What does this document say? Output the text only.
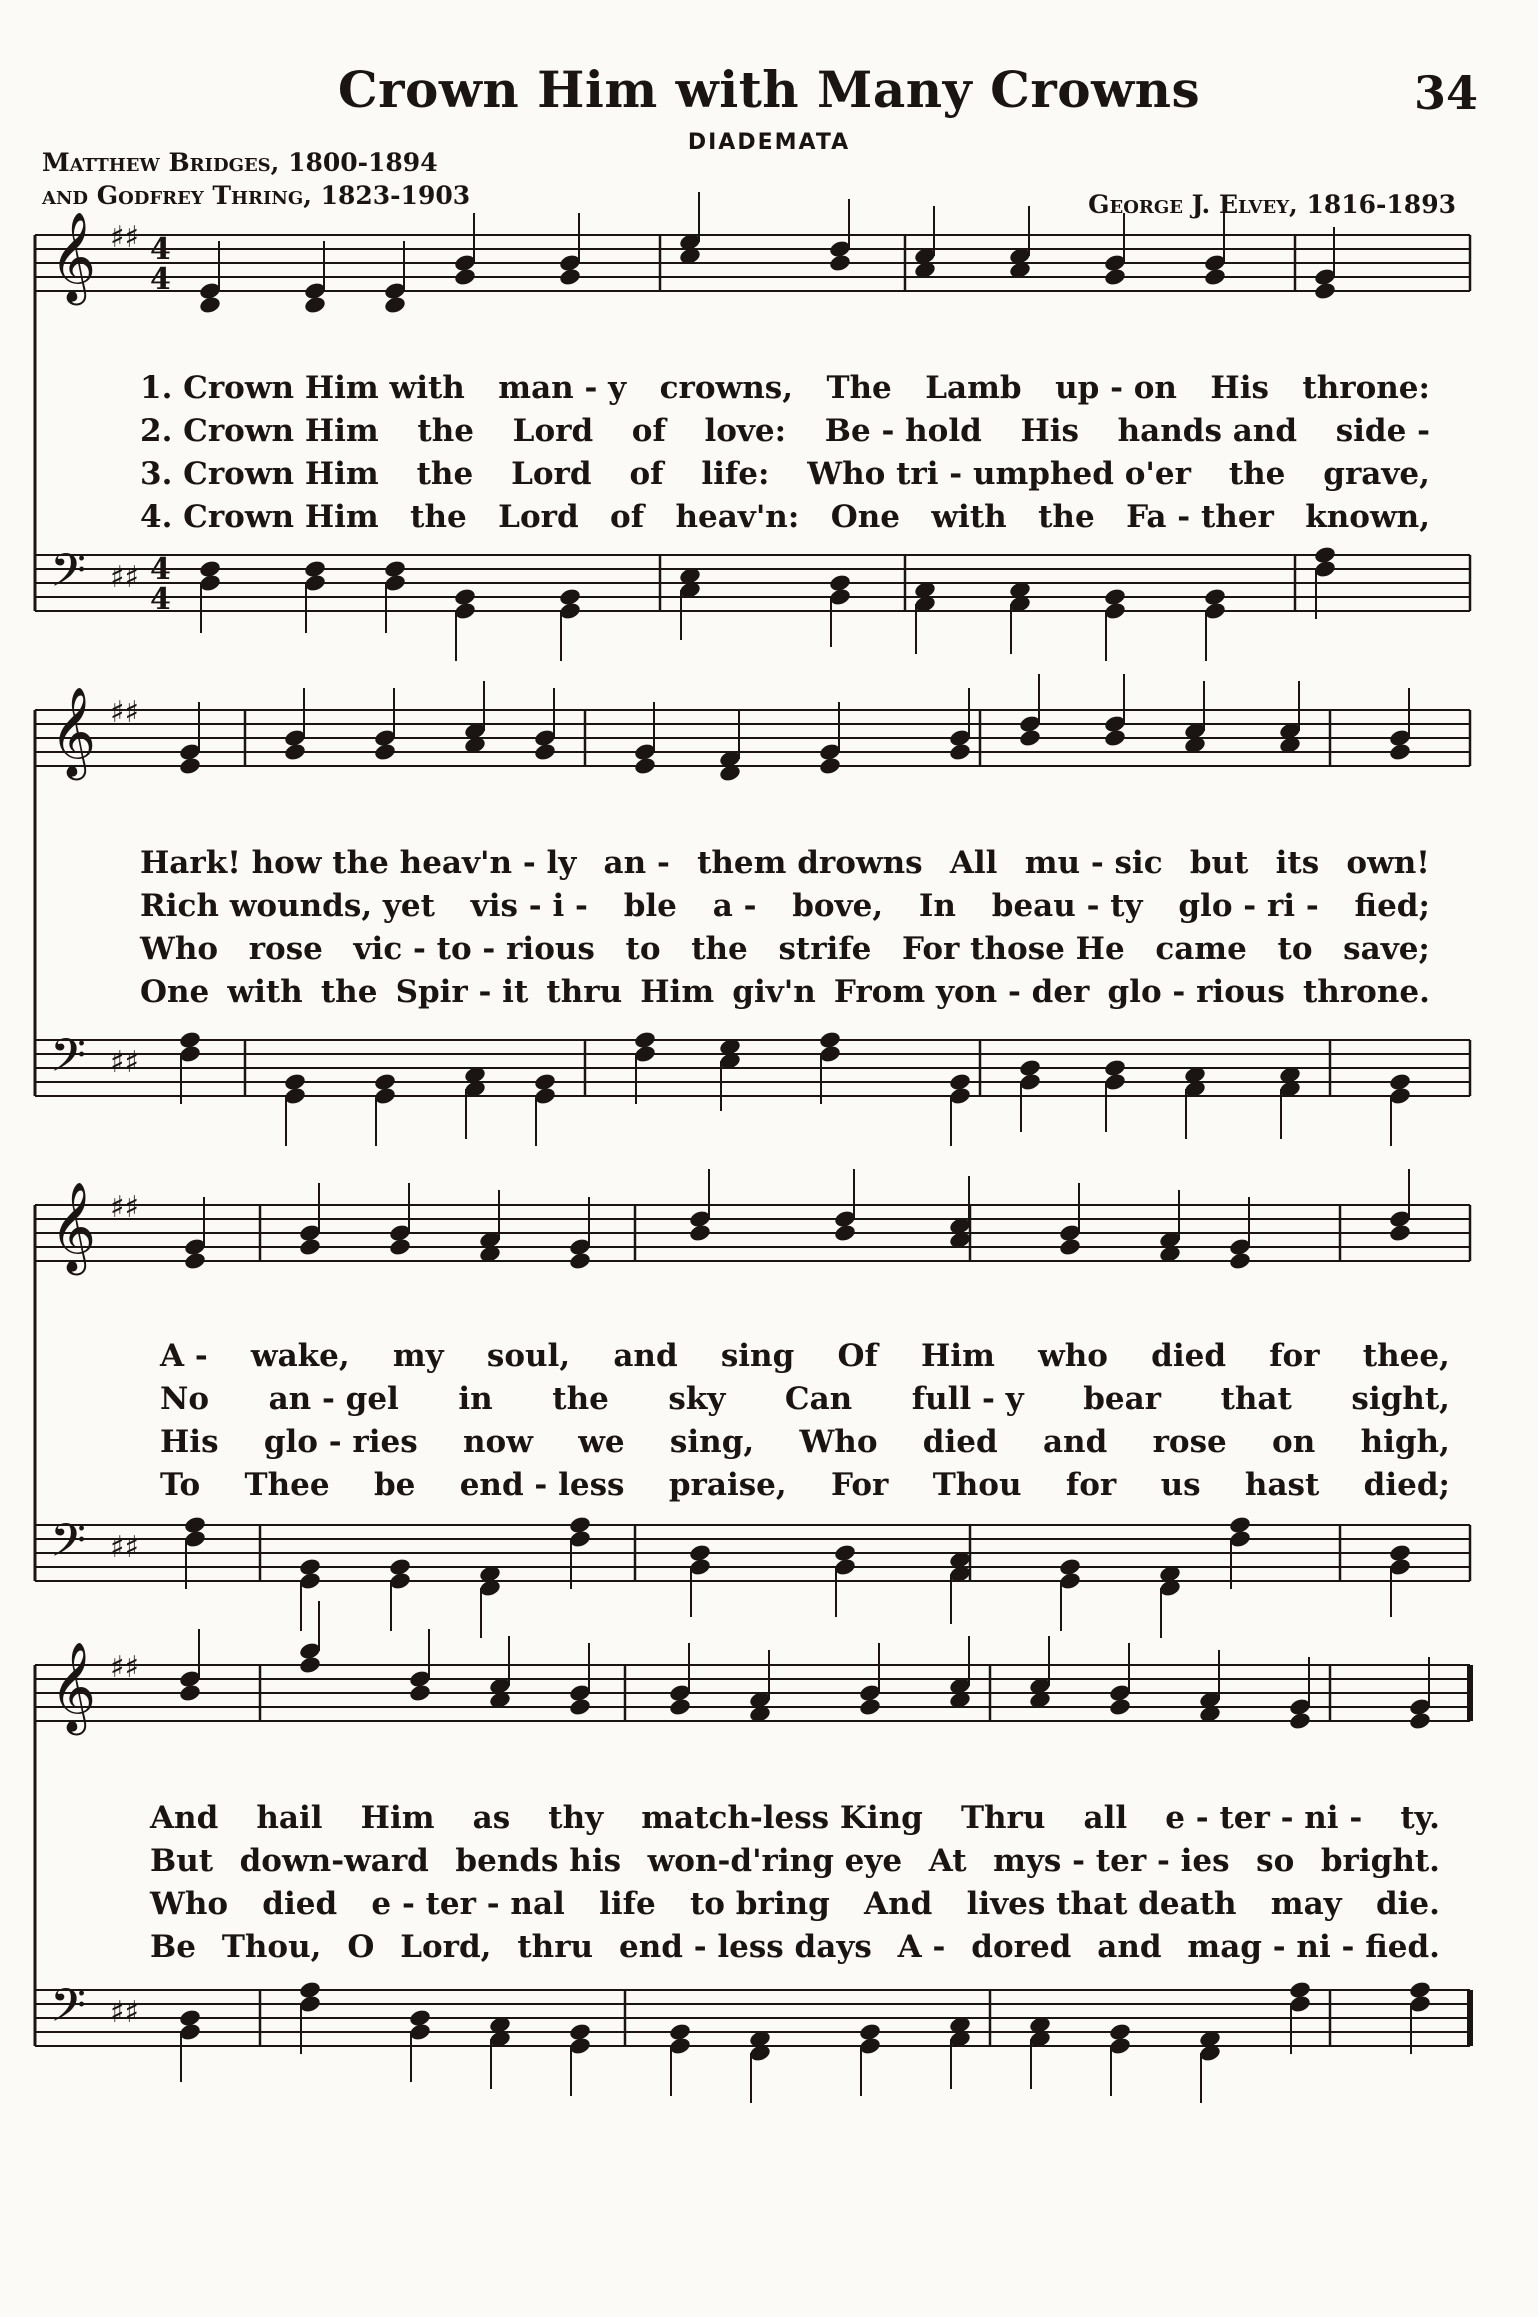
Crown Him with Many Crowns	34
DIADEMATA
Matthew Bridges, 1800-1894
and Godfrey Thring, 1823-1903	George J. Elvey, 1816-1893
𝄞 ♯♯ 4
4
𝄢 ♯♯ 4
4
𝄞 ♯♯
𝄢 ♯♯
𝄞 ♯♯
𝄢 ♯♯
𝄞 ♯♯
𝄢 ♯♯
1. Crown Him with man - y crowns, The Lamb up - on His throne:
2. Crown Him the Lord of love: Be - hold His hands and side -
3. Crown Him the Lord of life: Who tri - umphed o'er the grave,
4. Crown Him the Lord of heav'n: One with the Fa - ther known,
Hark! how the heav'n - ly an - them drowns All mu - sic but its own!
Rich wounds, yet vis - i - ble a - bove, In beau - ty glo - ri - fied;
Who rose vic - to - rious to the strife For those He came to save;
One with the Spir - it thru Him giv'n From yon - der glo - rious throne.
A - wake, my soul, and sing Of Him who died for thee,
No an - gel in the sky Can full - y bear that sight,
His glo - ries now we sing, Who died and rose on high,
To Thee be end - less praise, For Thou for us hast died;
And hail Him as thy match-less King Thru all e - ter - ni - ty.
But down-ward bends his won-d'ring eye At mys - ter - ies so bright.
Who died e - ter - nal life to bring And lives that death may die.
Be Thou, O Lord, thru end - less days A - dored and mag - ni - fied.
